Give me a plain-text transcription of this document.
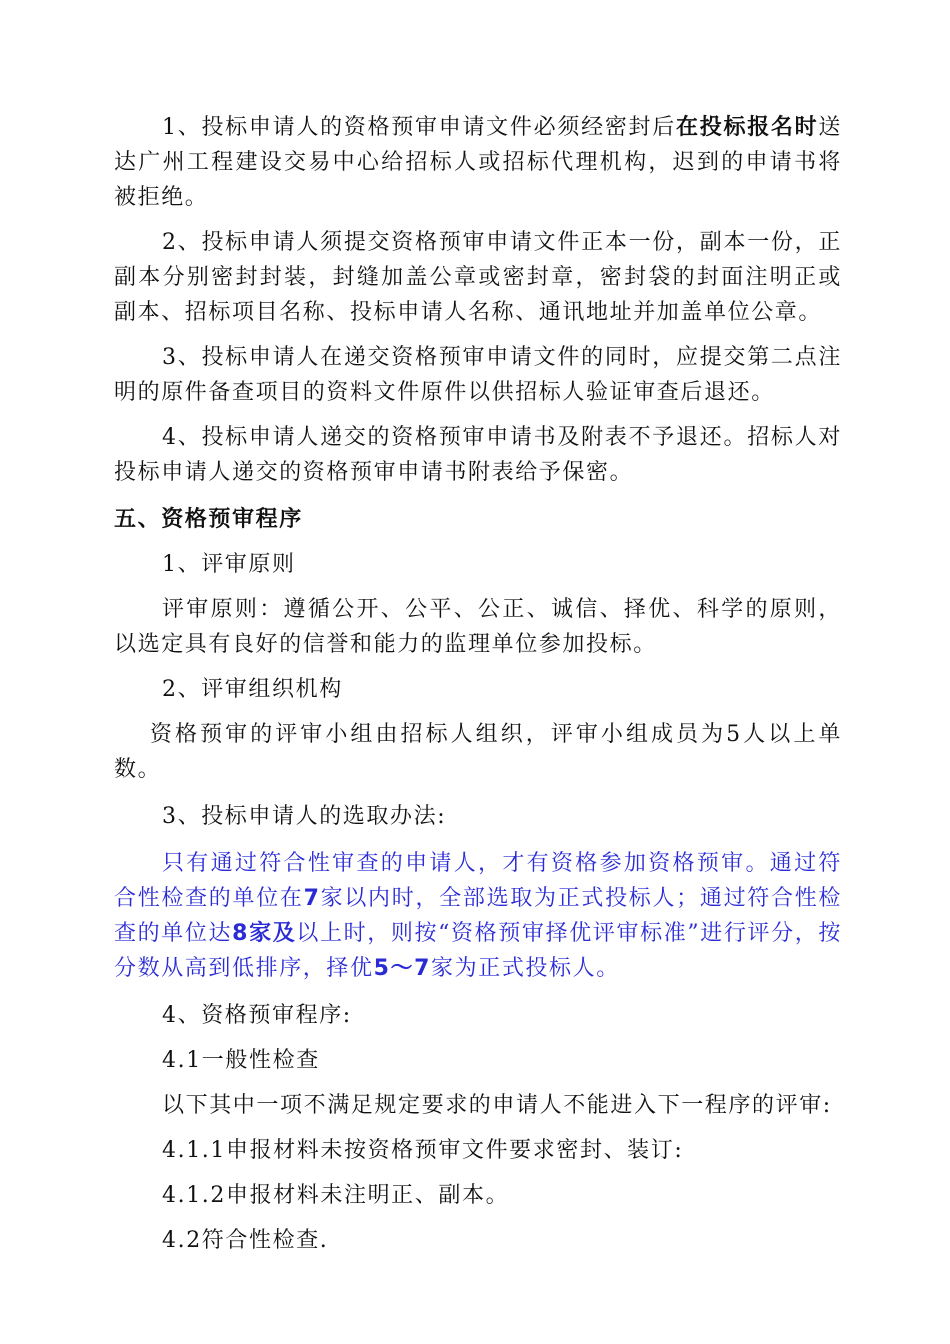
1、投标申请人的资格预审申请文件必须经密封后在投标报名时送达广州工程建设交易中心给招标人或招标代理机构，迟到的申请书将被拒绝。

2、投标申请人须提交资格预审申请文件正本一份，副本一份，正副本分别密封封装，封缝加盖公章或密封章，密封袋的封面注明正或副本、招标项目名称、投标申请人名称、通讯地址并加盖单位公章。

3、投标申请人在递交资格预审申请文件的同时，应提交第二点注明的原件备查项目的资料文件原件以供招标人验证审查后退还。

4、投标申请人递交的资格预审申请书及附表不予退还。招标人对投标申请人递交的资格预审申请书附表给予保密。

五、资格预审程序

1、评审原则

评审原则：遵循公开、公平、公正、诚信、择优、科学的原则，以选定具有良好的信誉和能力的监理单位参加投标。

2、评审组织机构

资格预审的评审小组由招标人组织，评审小组成员为5人以上单数。

3、投标申请人的选取办法:

只有通过符合性审查的申请人，才有资格参加资格预审。通过符合性检查的单位在7家以内时，全部选取为正式投标人；通过符合性检查的单位达8家及以上时，则按“资格预审择优评审标准”进行评分，按分数从高到低排序，择优5～7家为正式投标人。

4、资格预审程序:

4.1一般性检查

以下其中一项不满足规定要求的申请人不能进入下一程序的评审:

4.1.1申报材料未按资格预审文件要求密封、装订:

4.1.2申报材料未注明正、副本。

4.2符合性检查.
